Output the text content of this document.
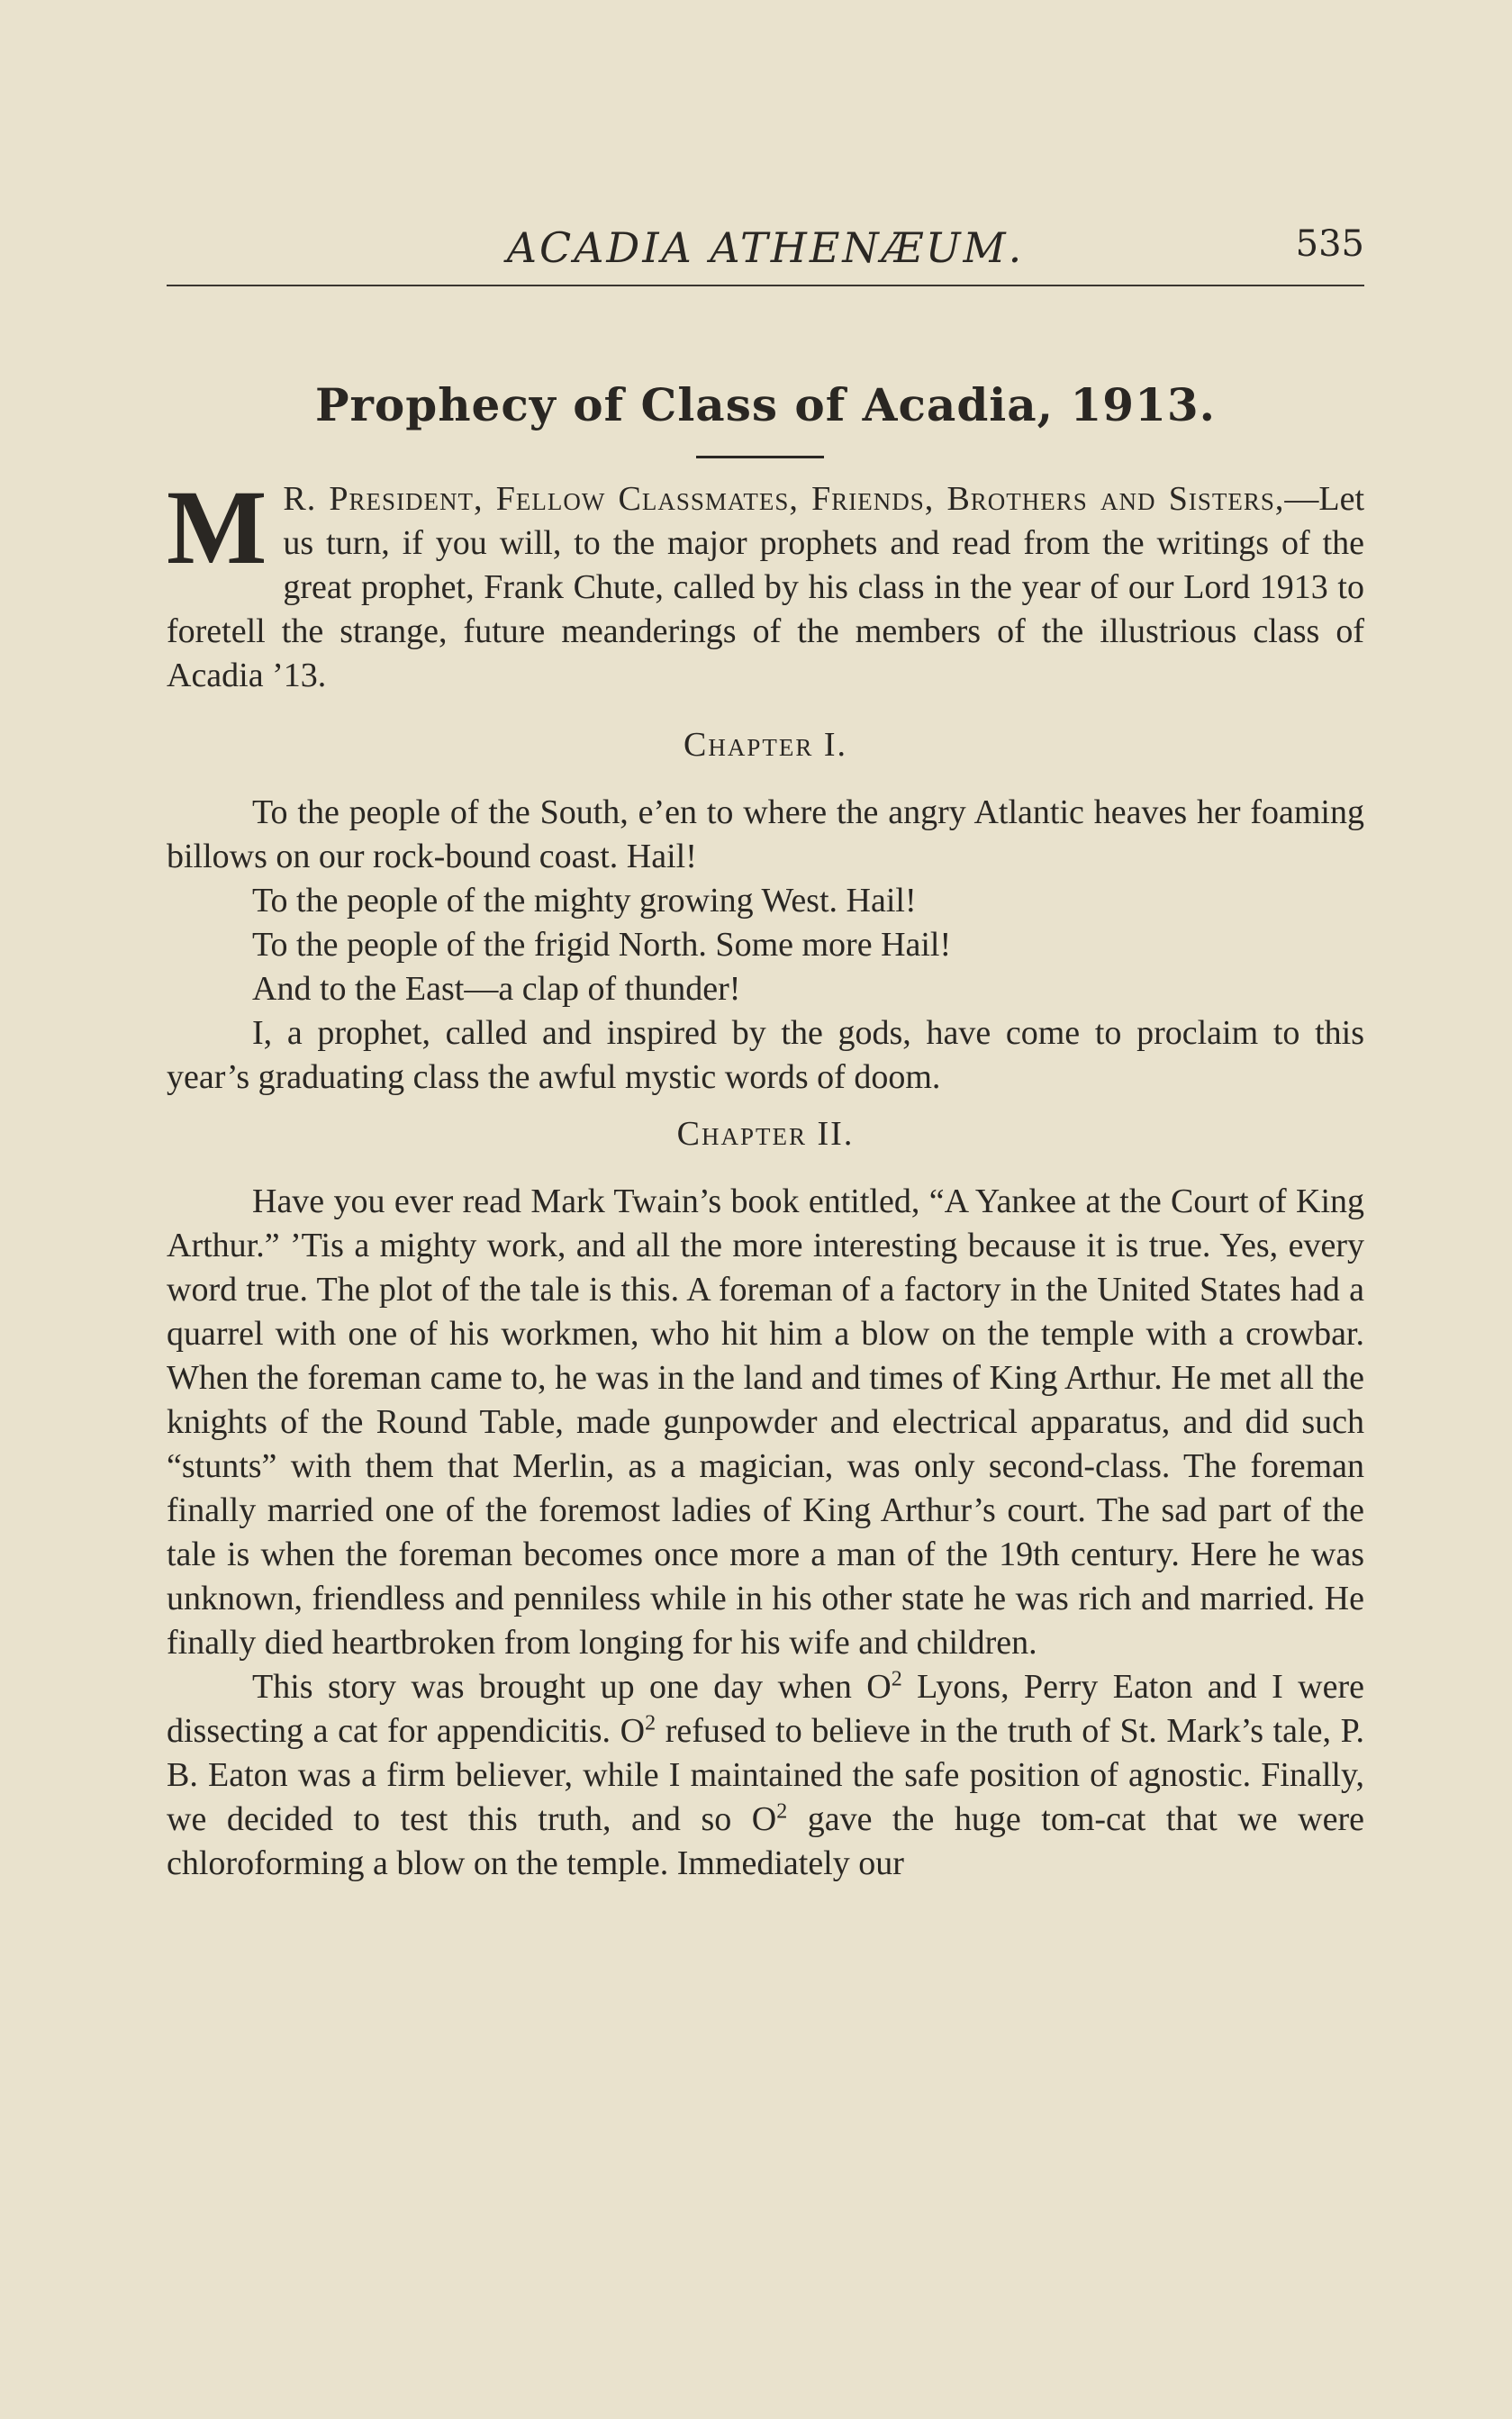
ACADIA ATHENÆUM.	535
Prophecy of Class of Acadia, 1913.

M R. President, Fellow Classmates, Friends, Brothers and Sisters,—Let us turn, if you will, to the major prophets and read from the writings of the great prophet, Frank Chute, called by his class in the year of our Lord 1913 to foretell the strange, future meanderings of the members of the illustrious class of Acadia ’13.

Chapter I.

To the people of the South, e’en to where the angry Atlantic heaves her foaming billows on our rock-bound coast. Hail!

To the people of the mighty growing West. Hail!

To the people of the frigid North. Some more Hail!

And to the East—a clap of thunder!

I, a prophet, called and inspired by the gods, have come to proclaim to this year’s graduating class the awful mystic words of doom.

Chapter II.

Have you ever read Mark Twain’s book entitled, “A Yankee at the Court of King Arthur.” ’Tis a mighty work, and all the more interesting because it is true. Yes, every word true. The plot of the tale is this. A foreman of a factory in the United States had a quarrel with one of his workmen, who hit him a blow on the temple with a crowbar. When the foreman came to, he was in the land and times of King Arthur. He met all the knights of the Round Table, made gunpowder and electrical apparatus, and did such “stunts” with them that Merlin, as a magician, was only second-class. The foreman finally married one of the foremost ladies of King Arthur’s court. The sad part of the tale is when the foreman becomes once more a man of the 19th century. Here he was unknown, friendless and penniless while in his other state he was rich and married. He finally died heartbroken from longing for his wife and children.

This story was brought up one day when $O^2$ Lyons, Perry Eaton and I were dissecting a cat for appendicitis. $O^2$ refused to believe in the truth of St. Mark’s tale, P. B. Eaton was a firm believer, while I maintained the safe position of agnostic. Finally, we decided to test this truth, and so $O^2$ gave the huge tom-cat that we were chloroforming a blow on the temple. Immediately our
